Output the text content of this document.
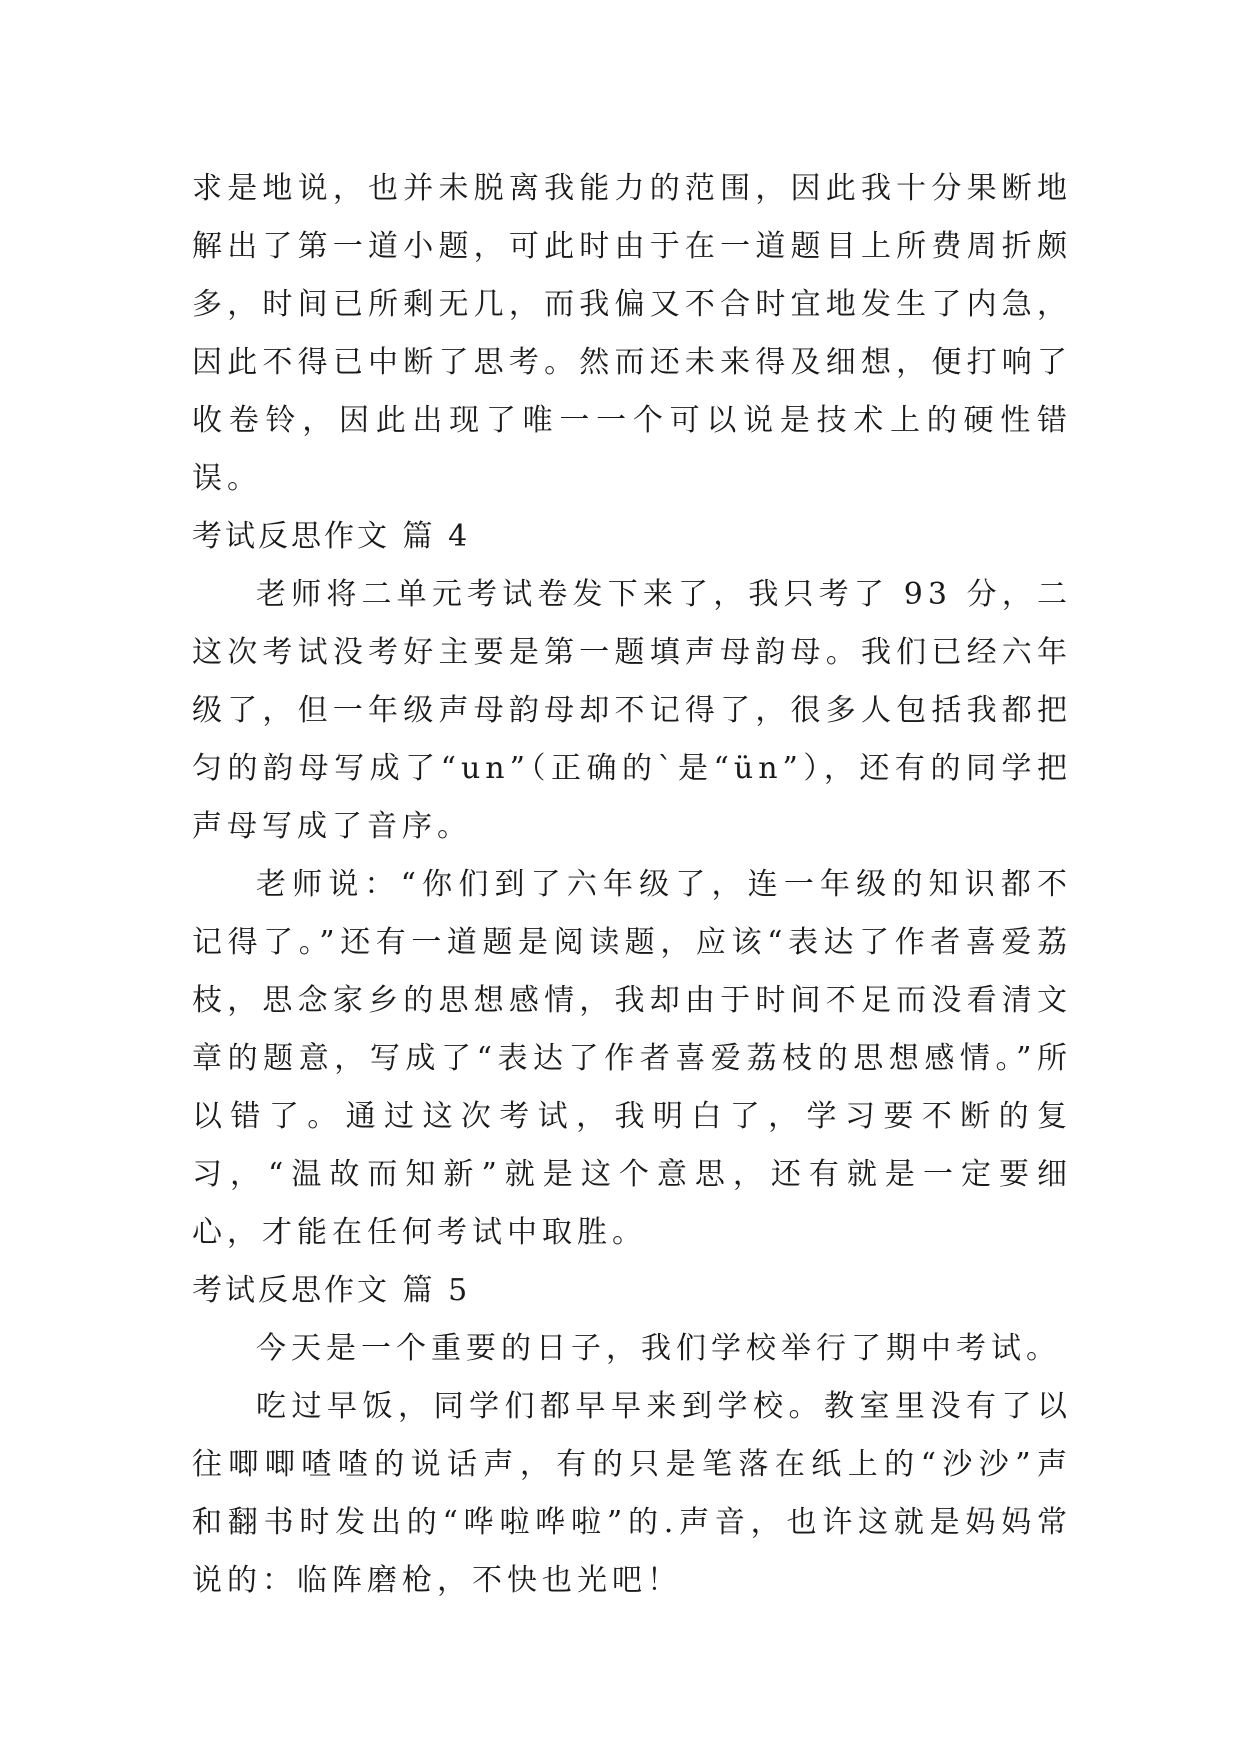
求是地说，也并未脱离我能力的范围，因此我十分果断地解出了第一道小题，可此时由于在一道题目上所费周折颇多，时间已所剩无几，而我偏又不合时宜地发生了内急，因此不得已中断了思考。然而还未来得及细想，便打响了收卷铃，因此出现了唯一一个可以说是技术上的硬性错误。

考试反思作文 篇 4

老师将二单元考试卷发下来了，我只考了 93 分，二这次考试没考好主要是第一题填声母韵母。我们已经六年级了，但一年级声母韵母却不记得了，很多人包括我都把匀的韵母写成了“un”（正确的`是“ün”），还有的同学把声母写成了音序。

老师说：“你们到了六年级了，连一年级的知识都不记得了。”还有一道题是阅读题，应该“表达了作者喜爱荔枝，思念家乡的思想感情，我却由于时间不足而没看清文章的题意，写成了“表达了作者喜爱荔枝的思想感情。”所以错了。通过这次考试，我明白了，学习要不断的复习，“温故而知新”就是这个意思，还有就是一定要细心，才能在任何考试中取胜。

考试反思作文 篇 5

今天是一个重要的日子，我们学校举行了期中考试。

吃过早饭，同学们都早早来到学校。教室里没有了以往唧唧喳喳的说话声，有的只是笔落在纸上的“沙沙”声和翻书时发出的“哗啦哗啦”的.声音，也许这就是妈妈常说的：临阵磨枪，不快也光吧！
